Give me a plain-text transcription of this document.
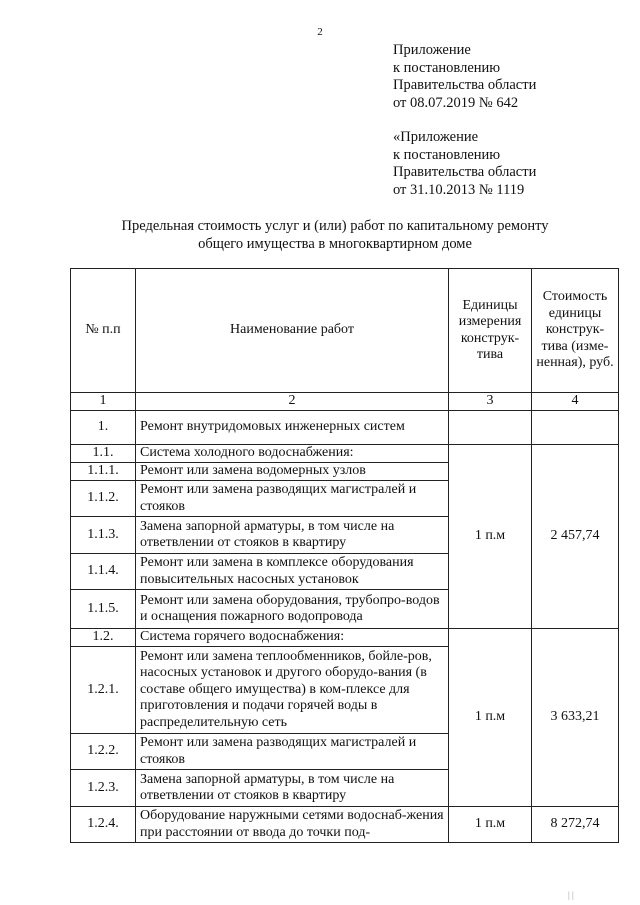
2
Приложение
к постановлению
Правительства области
от 08.07.2019 № 642
«Приложение
к постановлению
Правительства области
от 31.10.2013 № 1119
Предельная стоимость услуг и (или) работ по капитальному ремонту
общего имущества в многоквартирном доме
№ п.п	Наименование работ	Единицы измерения конструк-тива	Стоимость единицы конструк-тива (изме-ненная), руб.
1	2	3	4
1.	Ремонт внутридомовых инженерных систем		
1.1.	Система холодного водоснабжения:	1 п.м	2 457,74
1.1.1.	Ремонт или замена водомерных узлов		
1.1.2.	Ремонт или замена разводящих магистралей и стояков		
1.1.3.	Замена запорной арматуры, в том числе на ответвлении от стояков в квартиру		
1.1.4.	Ремонт или замена в комплексе оборудования повысительных насосных установок		
1.1.5.	Ремонт или замена оборудования, трубопро-водов и оснащения пожарного водопровода		
1.2.	Система горячего водоснабжения:	1 п.м	3 633,21
1.2.1.	Ремонт или замена теплообменников, бойле-ров, насосных установок и другого оборудо-вания (в составе общего имущества) в ком-плексе для приготовления и подачи горячей воды в распределительную сеть		
1.2.2.	Ремонт или замена разводящих магистралей и стояков		
1.2.3.	Замена запорной арматуры, в том числе на ответвлении от стояков в квартиру		
1.2.4.	Оборудование наружными сетями водоснаб-жения при расстоянии от ввода до точки под-	1 п.м	8 272,74
| |
